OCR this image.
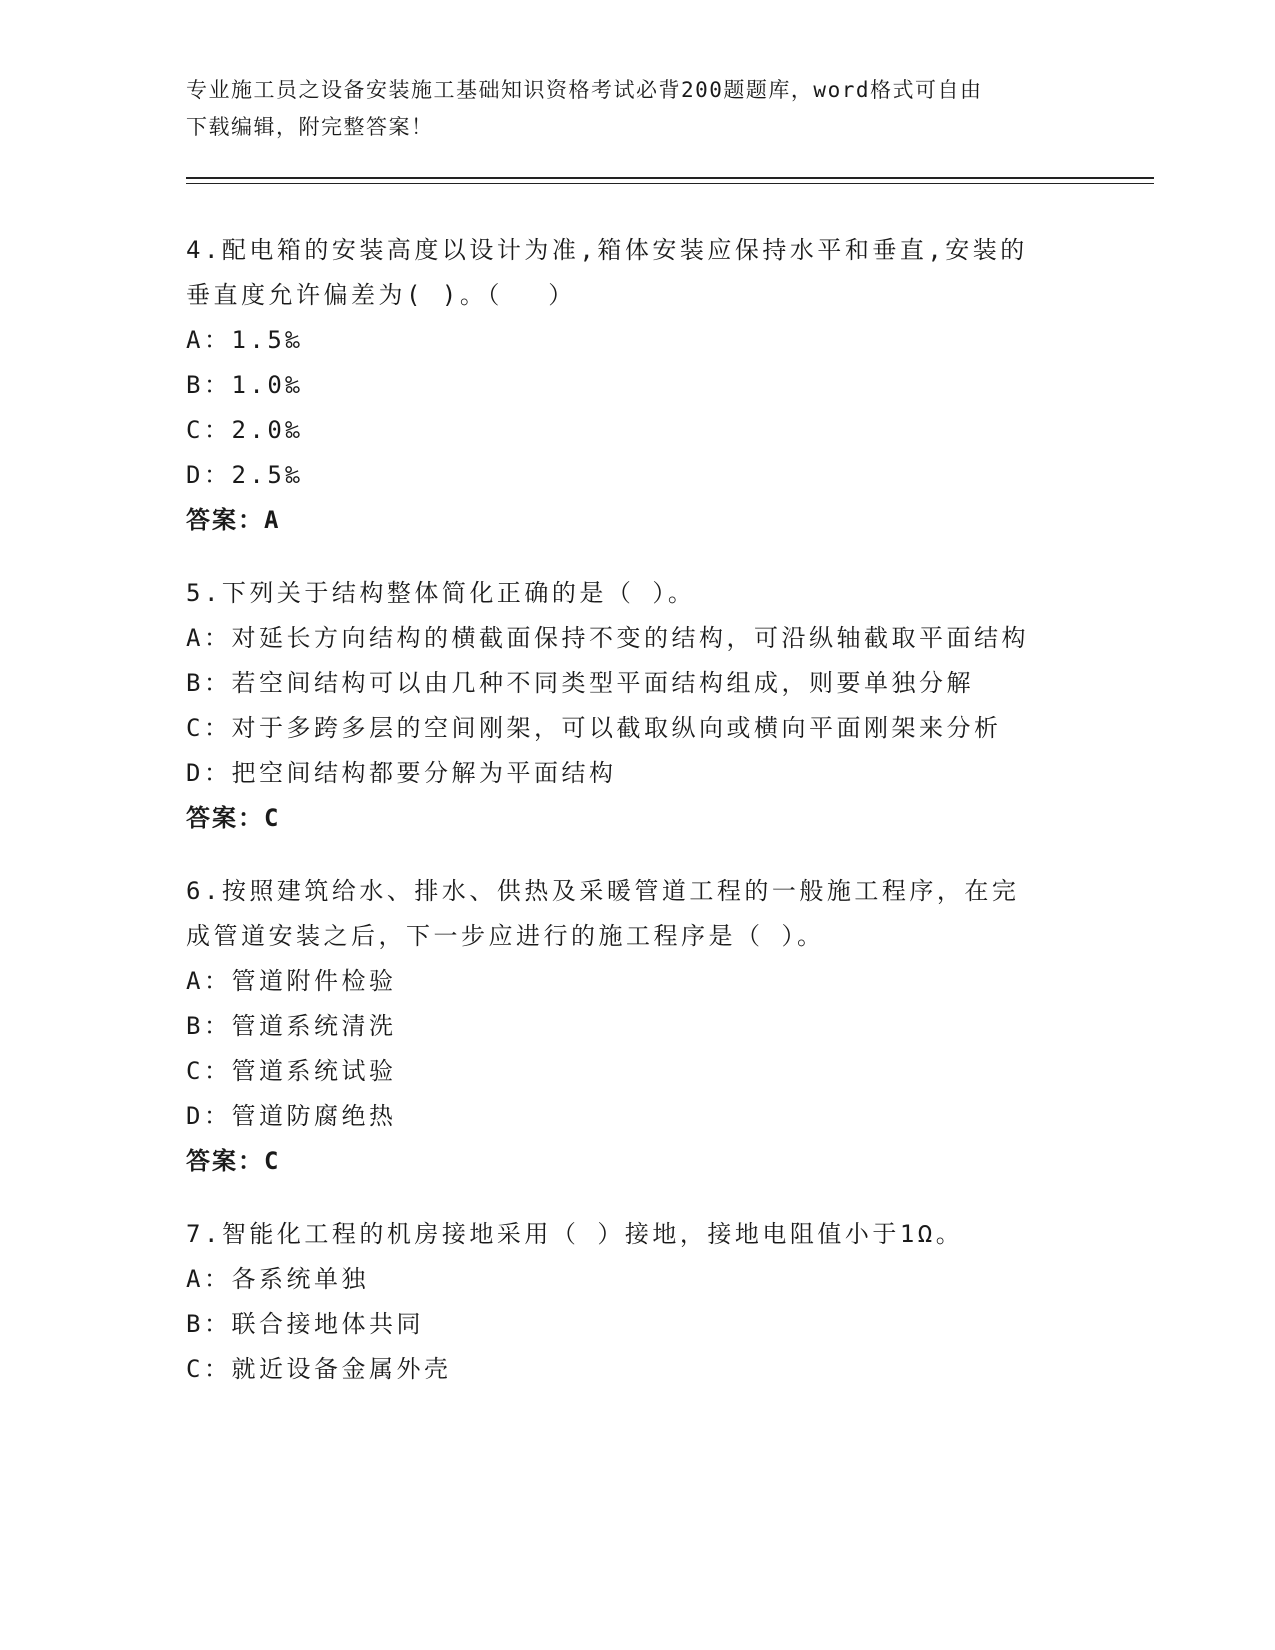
专业施工员之设备安装施工基础知识资格考试必背200题题库，word格式可自由
下载编辑，附完整答案！
4.配电箱的安装高度以设计为准,箱体安装应保持水平和垂直,安装的
垂直度允许偏差为( )。（　 ）
A：1.5‰
B：1.0‰
C：2.0‰
D：2.5‰
答案：A
5.下列关于结构整体简化正确的是（ ）。
A：对延长方向结构的横截面保持不变的结构，可沿纵轴截取平面结构
B：若空间结构可以由几种不同类型平面结构组成，则要单独分解
C：对于多跨多层的空间刚架，可以截取纵向或横向平面刚架来分析
D：把空间结构都要分解为平面结构
答案：C
6.按照建筑给水、排水、供热及采暖管道工程的一般施工程序，在完
成管道安装之后，下一步应进行的施工程序是（ ）。
A：管道附件检验
B：管道系统清洗
C：管道系统试验
D：管道防腐绝热
答案：C
7.智能化工程的机房接地采用（ ）接地，接地电阻值小于1Ω。
A：各系统单独
B：联合接地体共同
C：就近设备金属外壳
